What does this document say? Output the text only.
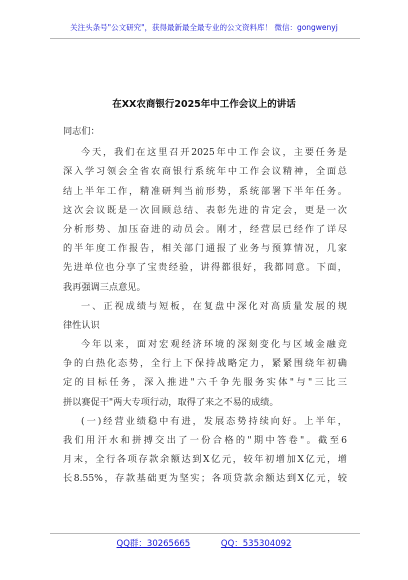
关注头条号"公文研究"，获得最新最全最专业的公文资料库！ 微信：gongwenyj
在XX农商银行2025年中工作会议上的讲话
同志们：
今天，我们在这里召开2025年中工作会议，主要任务是
深入学习领会全省农商银行系统年中工作会议精神，全面总
结上半年工作，精准研判当前形势，系统部署下半年任务。
这次会议既是一次回顾总结、表彰先进的肯定会，更是一次
分析形势、加压奋进的动员会。刚才，经营层已经作了详尽
的半年度工作报告，相关部门通报了业务与预算情况，几家
先进单位也分享了宝贵经验，讲得都很好，我都同意。下面，
我再强调三点意见。
一、正视成绩与短板，在复盘中深化对高质量发展的规
律性认识
今年以来，面对宏观经济环境的深刻变化与区域金融竞
争的白热化态势，全行上下保持战略定力，紧紧围绕年初确
定的目标任务，深入推进"六千争先服务实体"与"三比三
拼以赛促干"两大专项行动，取得了来之不易的成绩。
(一)经营业绩稳中有进，发展态势持续向好。上半年，
我们用汗水和拼搏交出了一份合格的"期中答卷"。截至6
月末，全行各项存款余额达到X亿元，较年初增加X亿元，增
长8.55%，存款基础更为坚实；各项贷款余额达到X亿元，较
QQ群：30265665	QQ：535304092
